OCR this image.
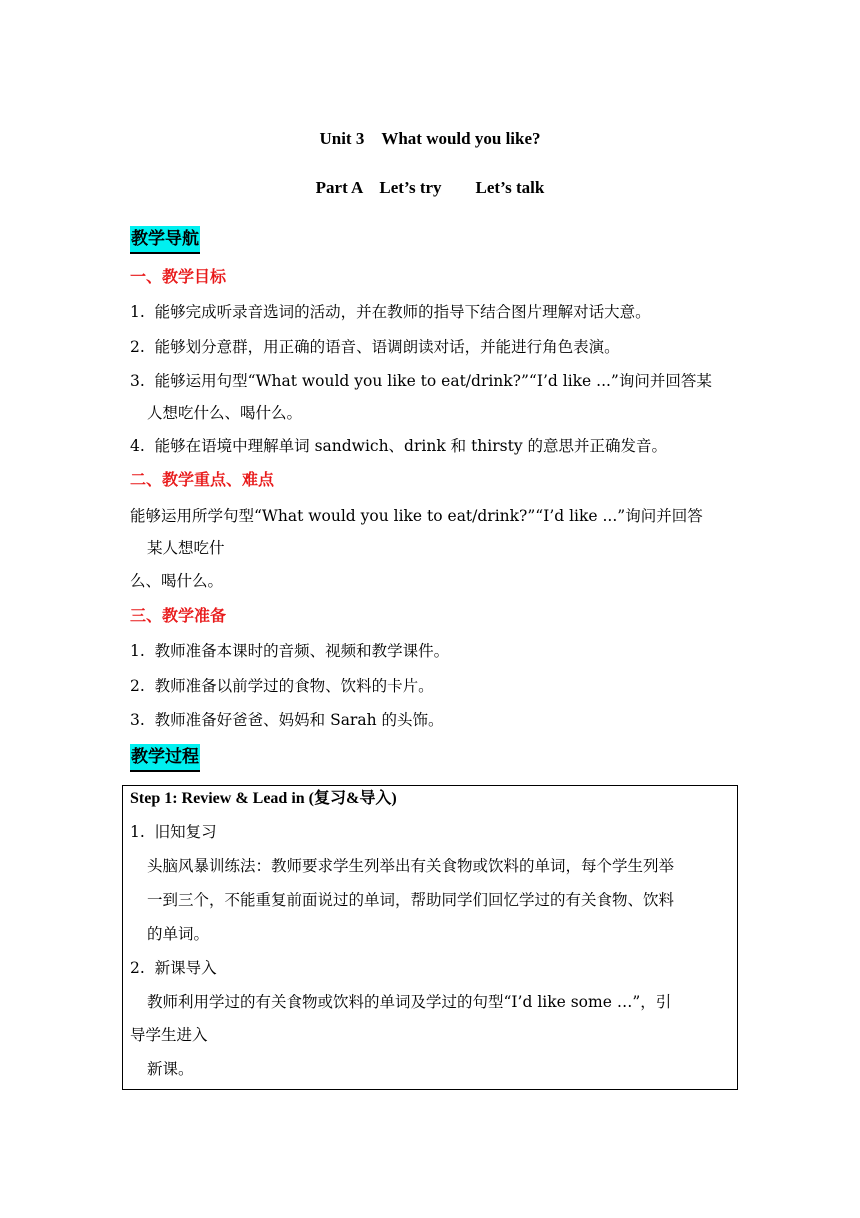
Unit 3　What would you like?
Part A　Let’s try　　Let’s talk
教学导航
一、教学目标
1.  能够完成听录音选词的活动，并在教师的指导下结合图片理解对话大意。
2.  能够划分意群，用正确的语音、语调朗读对话，并能进行角色表演。
3.  能够运用句型“What would you like to eat/drink?”“I’d like ...”询问并回答某
人想吃什么、喝什么。
4.  能够在语境中理解单词 sandwich、drink 和 thirsty 的意思并正确发音。
二、教学重点、难点
能够运用所学句型“What would you like to eat/drink?”“I’d like ...”询问并回答
某人想吃什
么、喝什么。
三、教学准备
1.  教师准备本课时的音频、视频和教学课件。
2.  教师准备以前学过的食物、饮料的卡片。
3.  教师准备好爸爸、妈妈和 Sarah 的头饰。
教学过程
Step 1: Review & Lead in (复习&导入)
1.  旧知复习
头脑风暴训练法：教师要求学生列举出有关食物或饮料的单词，每个学生列举
一到三个，不能重复前面说过的单词，帮助同学们回忆学过的有关食物、饮料
的单词。
2.  新课导入
教师利用学过的有关食物或饮料的单词及学过的句型“I’d like some …”，引
导学生进入
新课。
